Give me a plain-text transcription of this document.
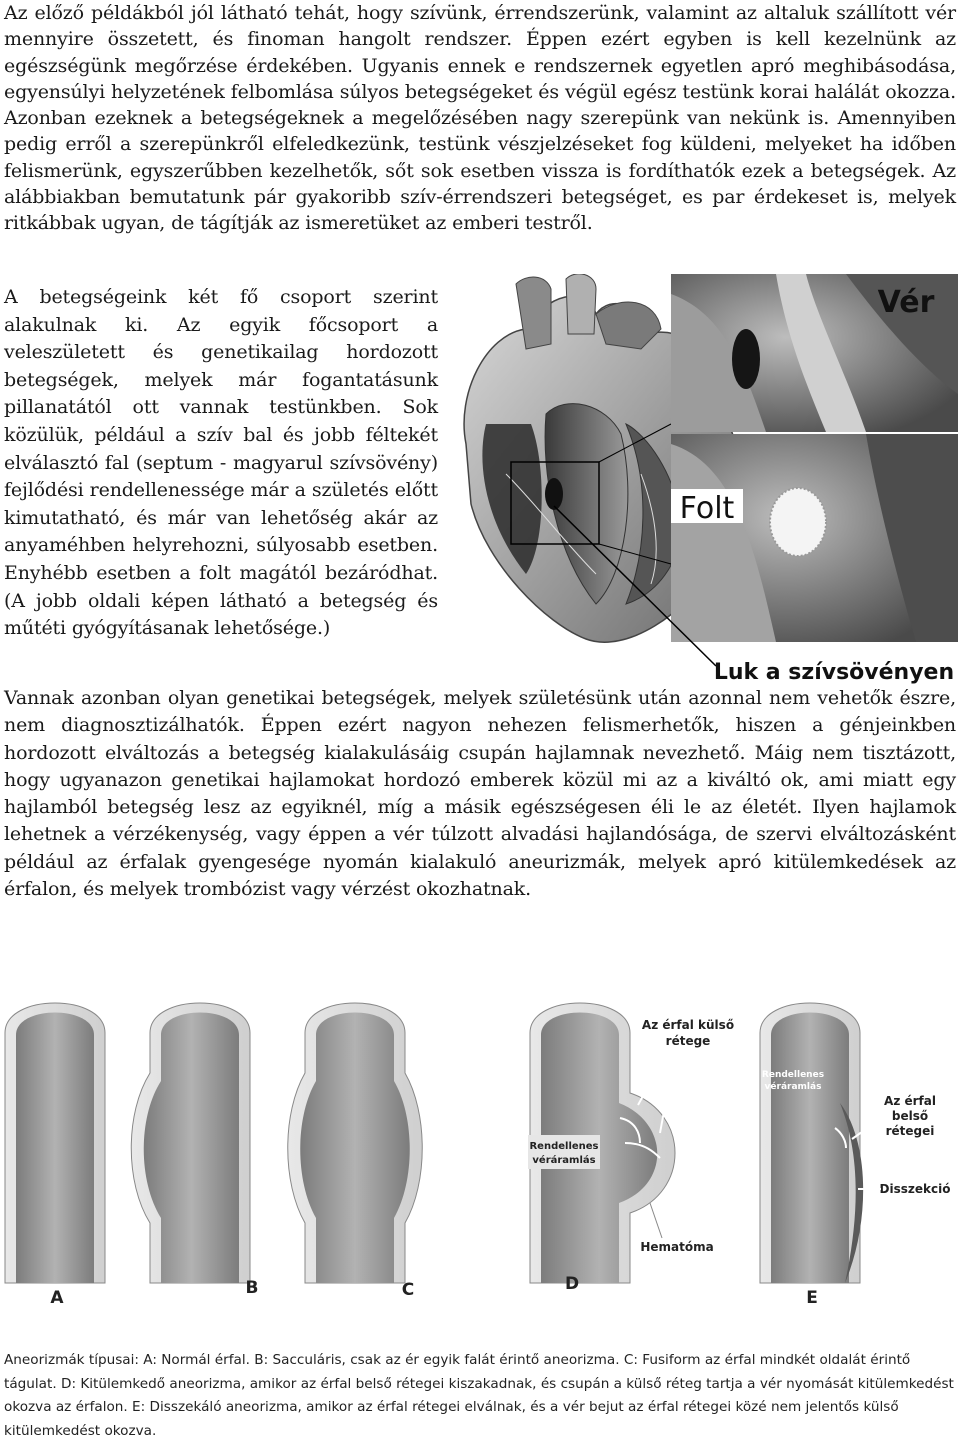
Az előző példákból jól látható tehát, hogy szívünk, érrendszerünk, valamint az altaluk szállított vér mennyire összetett, és finoman hangolt rendszer. Éppen ezért egyben is kell kezelnünk az egészségünk megőrzése érdekében. Ugyanis ennek e rendszernek egyetlen apró meghibásodása, egyensúlyi helyzetének felbomlása súlyos betegségeket és végül egész testünk korai halálát okozza. Azonban ezeknek a betegségeknek a megelőzésében nagy szerepünk van nekünk is. Amennyiben pedig erről a szerepünkről elfeledkezünk, testünk vészjelzéseket fog küldeni, melyeket ha időben felismerünk, egyszerűbben kezelhetők, sőt sok esetben vissza is fordíthatók ezek a betegségek. Az alábbiakban bemutatunk pár gyakoribb szív-érrendszeri betegséget, es par érdekeset is, melyek ritkábbak ugyan, de tágítják az ismeretüket az emberi testről.

A betegségeink két fő csoport szerint alakulnak ki. Az egyik főcsoport a veleszületett és genetikailag hordozott betegségek, melyek már fogantatásunk pillanatától ott vannak testünkben. Sok közülük, például a szív bal és jobb féltekét elválasztó fal (septum - magyarul szívsövény) fejlődési rendellenessége már a születés előtt kimutatható, és már van lehetőség akár az anyaméhben helyrehozni, súlyosabb esetben. Enyhébb esetben a folt magától bezáródhat. (A jobb oldali képen látható a betegség és műtéti gyógyításanak lehetősége.)

Vér
Folt
Luk a szívsövényen

Vannak azonban olyan genetikai betegségek, melyek születésünk után azonnal nem vehetők észre, nem diagnosztizálhatók. Éppen ezért nagyon nehezen felismerhetők, hiszen a génjeinkben hordozott elváltozás a betegség kialakulásáig csupán hajlamnak nevezhető. Máig nem tisztázott, hogy ugyanazon genetikai hajlamokat hordozó emberek közül mi az a kiváltó ok, ami miatt egy hajlamból betegség lesz az egyiknél, míg a másik egészségesen éli le az életét. Ilyen hajlamok lehetnek a vérzékenység, vagy éppen a vér túlzott alvadási hajlandósága, de szervi elváltozásként például az érfalak gyengesége nyomán kialakuló aneurizmák, melyek apró kitülemkedések az érfalon, és melyek trombózist vagy vérzést okozhatnak.

A	B	C	D
E
Az érfal külső
rétege
Rendellenes
véráramlás
Hematóma
Rendellenes
véráramlás
Az érfal
belső
rétegei
Disszekció

Aneorizmák típusai: A: Normál érfal. B: Sacculáris, csak az ér egyik falát érintő aneorizma. C: Fusiform az érfal mindkét oldalát érintő tágulat. D: Kitülemkedő aneorizma, amikor az érfal belső rétegei kiszakadnak, és csupán a külső réteg tartja a vér nyomását kitülemkedést okozva az érfalon. E: Disszekáló aneorizma, amikor az érfal rétegei elválnak, és a vér bejut az érfal rétegei közé nem jelentős külső kitülemkedést okozva.
